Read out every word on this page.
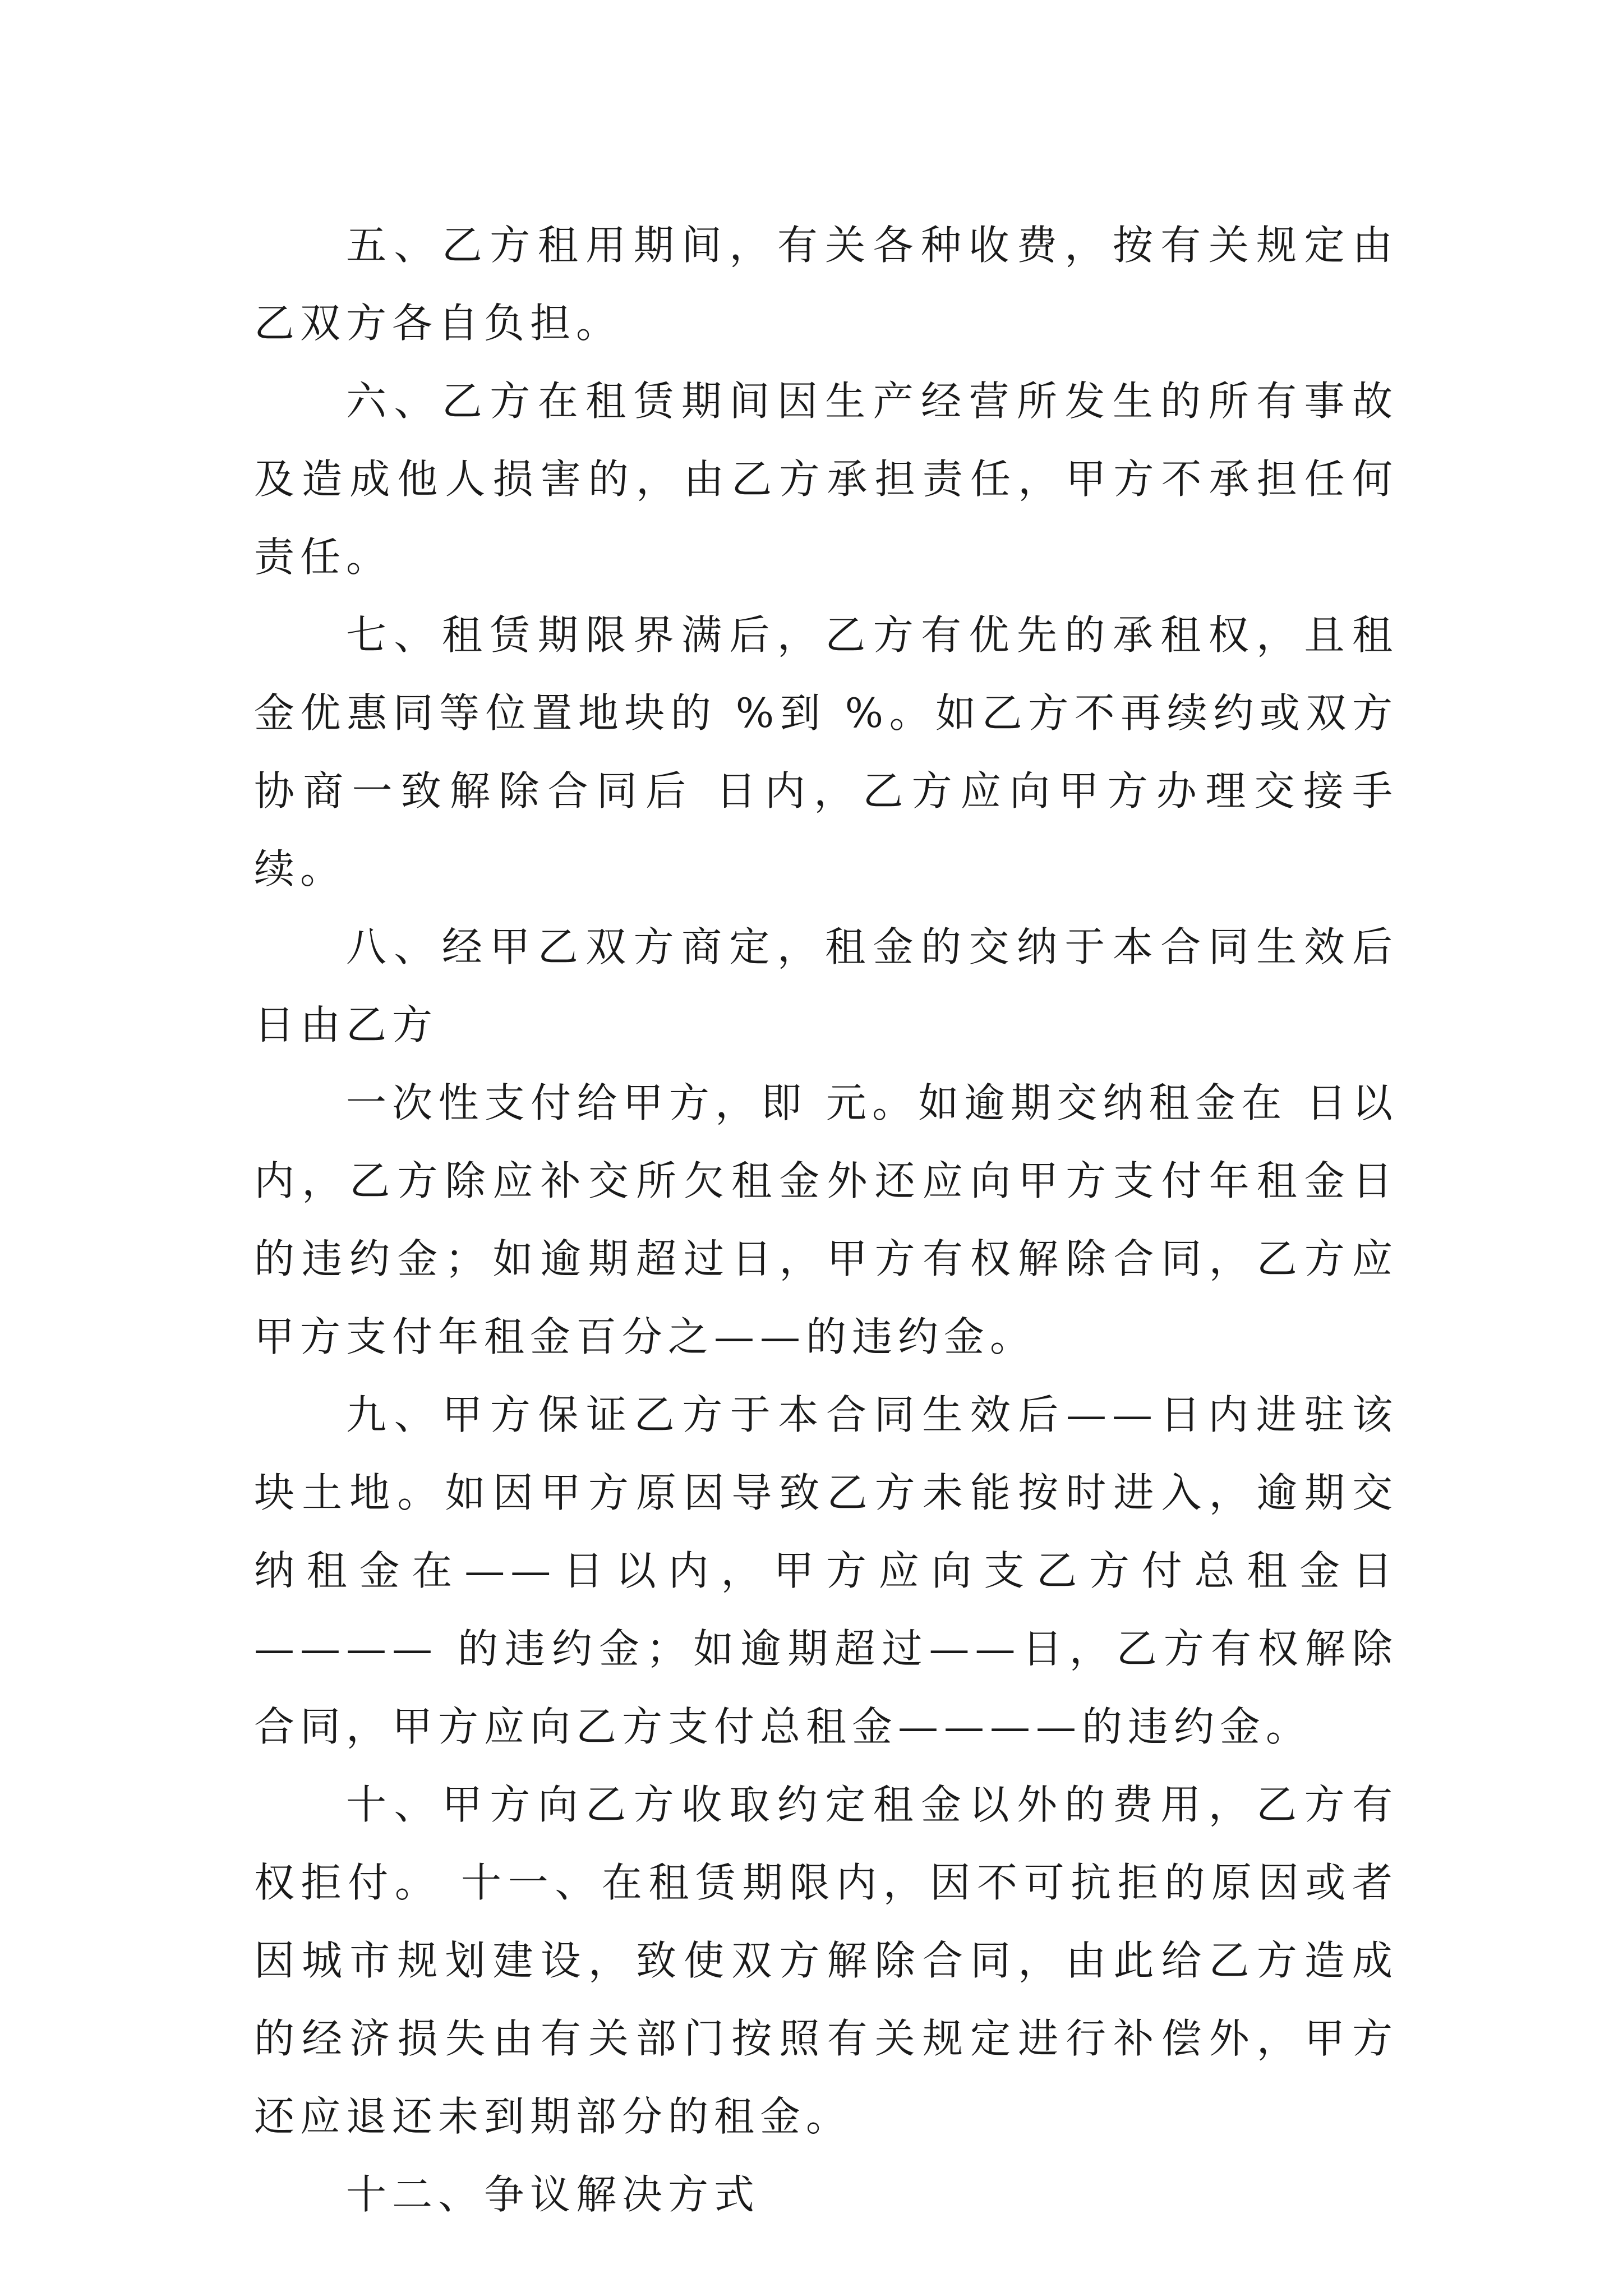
五、乙方租用期间，有关各种收费，按有关规定由乙双方各自负担。

六、乙方在租赁期间因生产经营所发生的所有事故及造成他人损害的，由乙方承担责任，甲方不承担任何责任。

七、租赁期限界满后，乙方有优先的承租权，且租金优惠同等位置地块的 %到 %。如乙方不再续约或双方协商一致解除合同后 日内，乙方应向甲方办理交接手续。

八、经甲乙双方商定，租金的交纳于本合同生效后 日由乙方

一次性支付给甲方，即 元。如逾期交纳租金在 日以内，乙方除应补交所欠租金外还应向甲方支付年租金日的违约金；如逾期超过日，甲方有权解除合同，乙方应甲方支付年租金百分之——的违约金。

九、甲方保证乙方于本合同生效后——日内进驻该块土地。如因甲方原因导致乙方未能按时进入，逾期交纳租金在——日以内，甲方应向支乙方付总租金日———— 的违约金；如逾期超过——日，乙方有权解除合同，甲方应向乙方支付总租金————的违约金。

十、甲方向乙方收取约定租金以外的费用，乙方有权拒付。 十一、在租赁期限内，因不可抗拒的原因或者因城市规划建设，致使双方解除合同，由此给乙方造成的经济损失由有关部门按照有关规定进行补偿外，甲方还应退还未到期部分的租金。

十二、争议解决方式
